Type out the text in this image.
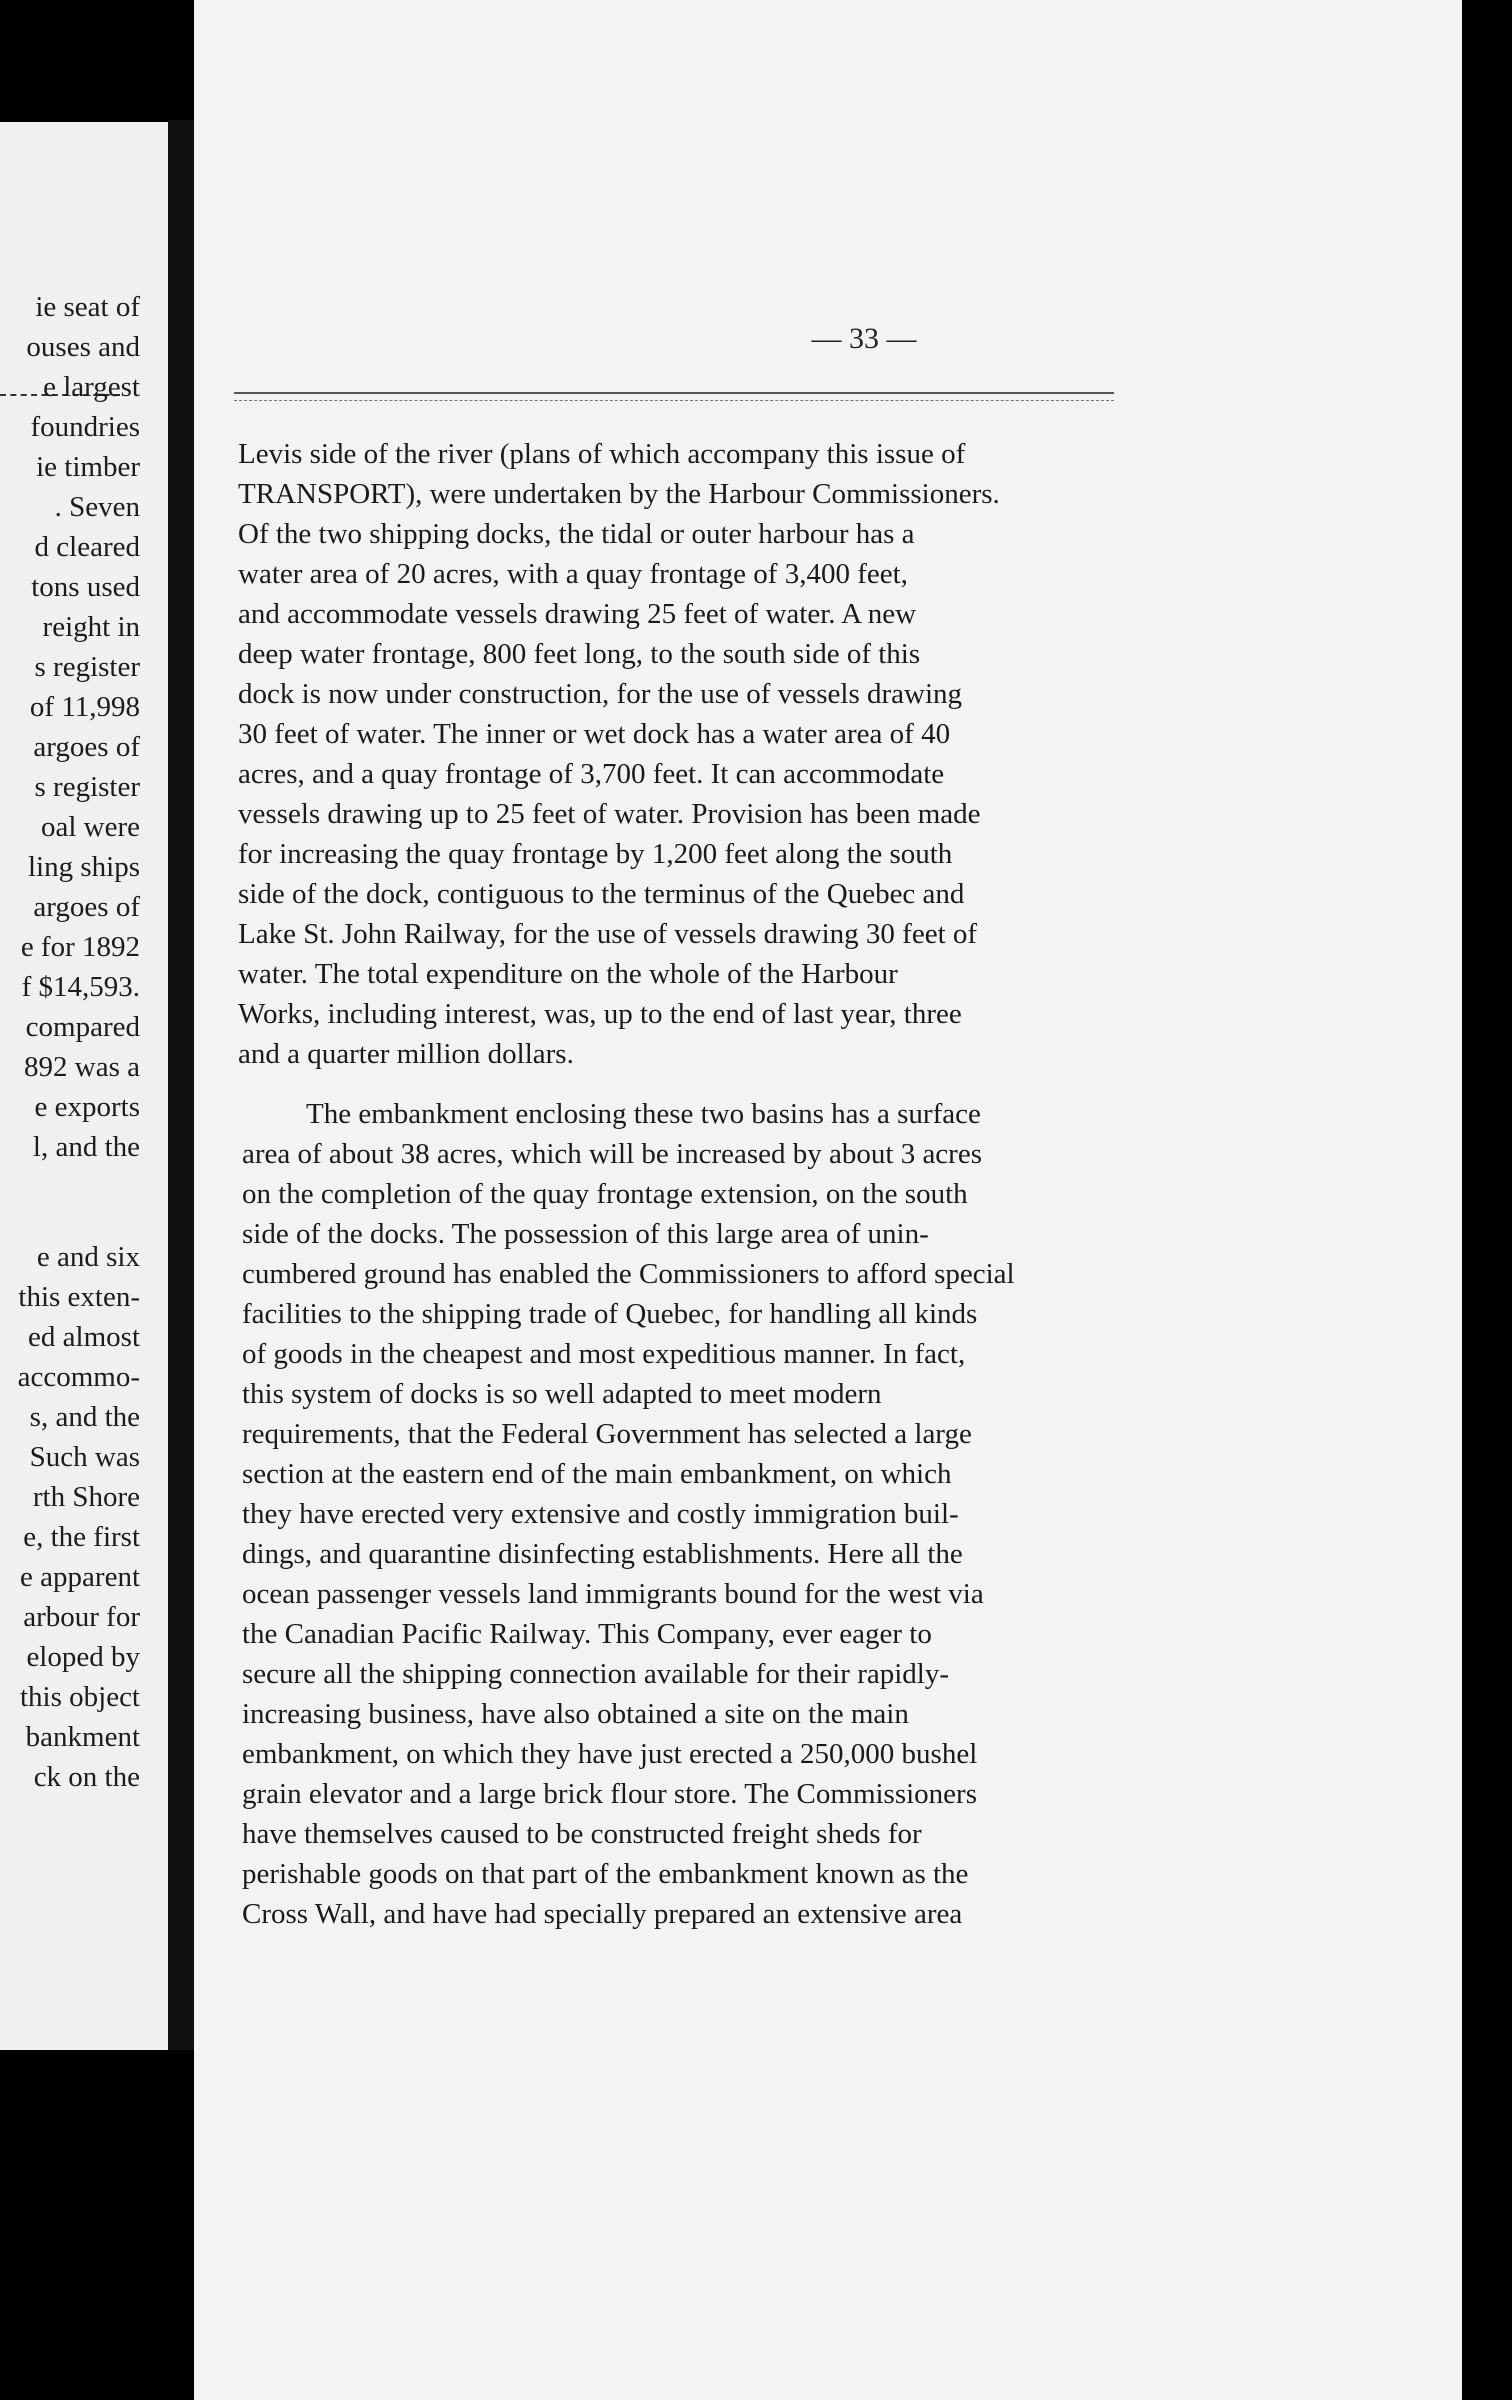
ie seat of
ouses and
e largest
foundries
ie timber
. Seven
d cleared
tons used
reight in
s register
of 11,998
argoes of
s register
oal were
ling ships
argoes of
e for 1892
f $14,593.
compared
892 was a
e exports
l, and the
e and six
this exten-
ed almost
accommo-
s, and the
Such was
rth Shore
e, the first
e apparent
arbour for
eloped by
this object
bankment
ck on the
— 33 —
Levis side of the river (plans of which accompany this issue of
TRANSPORT), were undertaken by the Harbour Commissioners.
Of the two shipping docks, the tidal or outer harbour has a
water area of 20 acres, with a quay frontage of 3,400 feet,
and accommodate vessels drawing 25 feet of water. A new
deep water frontage, 800 feet long, to the south side of this
dock is now under construction, for the use of vessels drawing
30 feet of water. The inner or wet dock has a water area of 40
acres, and a quay frontage of 3,700 feet. It can accommodate
vessels drawing up to 25 feet of water. Provision has been made
for increasing the quay frontage by 1,200 feet along the south
side of the dock, contiguous to the terminus of the Quebec and
Lake St. John Railway, for the use of vessels drawing 30 feet of
water. The total expenditure on the whole of the Harbour
Works, including interest, was, up to the end of last year, three
and a quarter million dollars.
The embankment enclosing these two basins has a surface
area of about 38 acres, which will be increased by about 3 acres
on the completion of the quay frontage extension, on the south
side of the docks. The possession of this large area of unin-
cumbered ground has enabled the Commissioners to afford special
facilities to the shipping trade of Quebec, for handling all kinds
of goods in the cheapest and most expeditious manner. In fact,
this system of docks is so well adapted to meet modern
requirements, that the Federal Government has selected a large
section at the eastern end of the main embankment, on which
they have erected very extensive and costly immigration buil-
dings, and quarantine disinfecting establishments. Here all the
ocean passenger vessels land immigrants bound for the west via
the Canadian Pacific Railway. This Company, ever eager to
secure all the shipping connection available for their rapidly-
increasing business, have also obtained a site on the main
embankment, on which they have just erected a 250,000 bushel
grain elevator and a large brick flour store. The Commissioners
have themselves caused to be constructed freight sheds for
perishable goods on that part of the embankment known as the
Cross Wall, and have had specially prepared an extensive area
